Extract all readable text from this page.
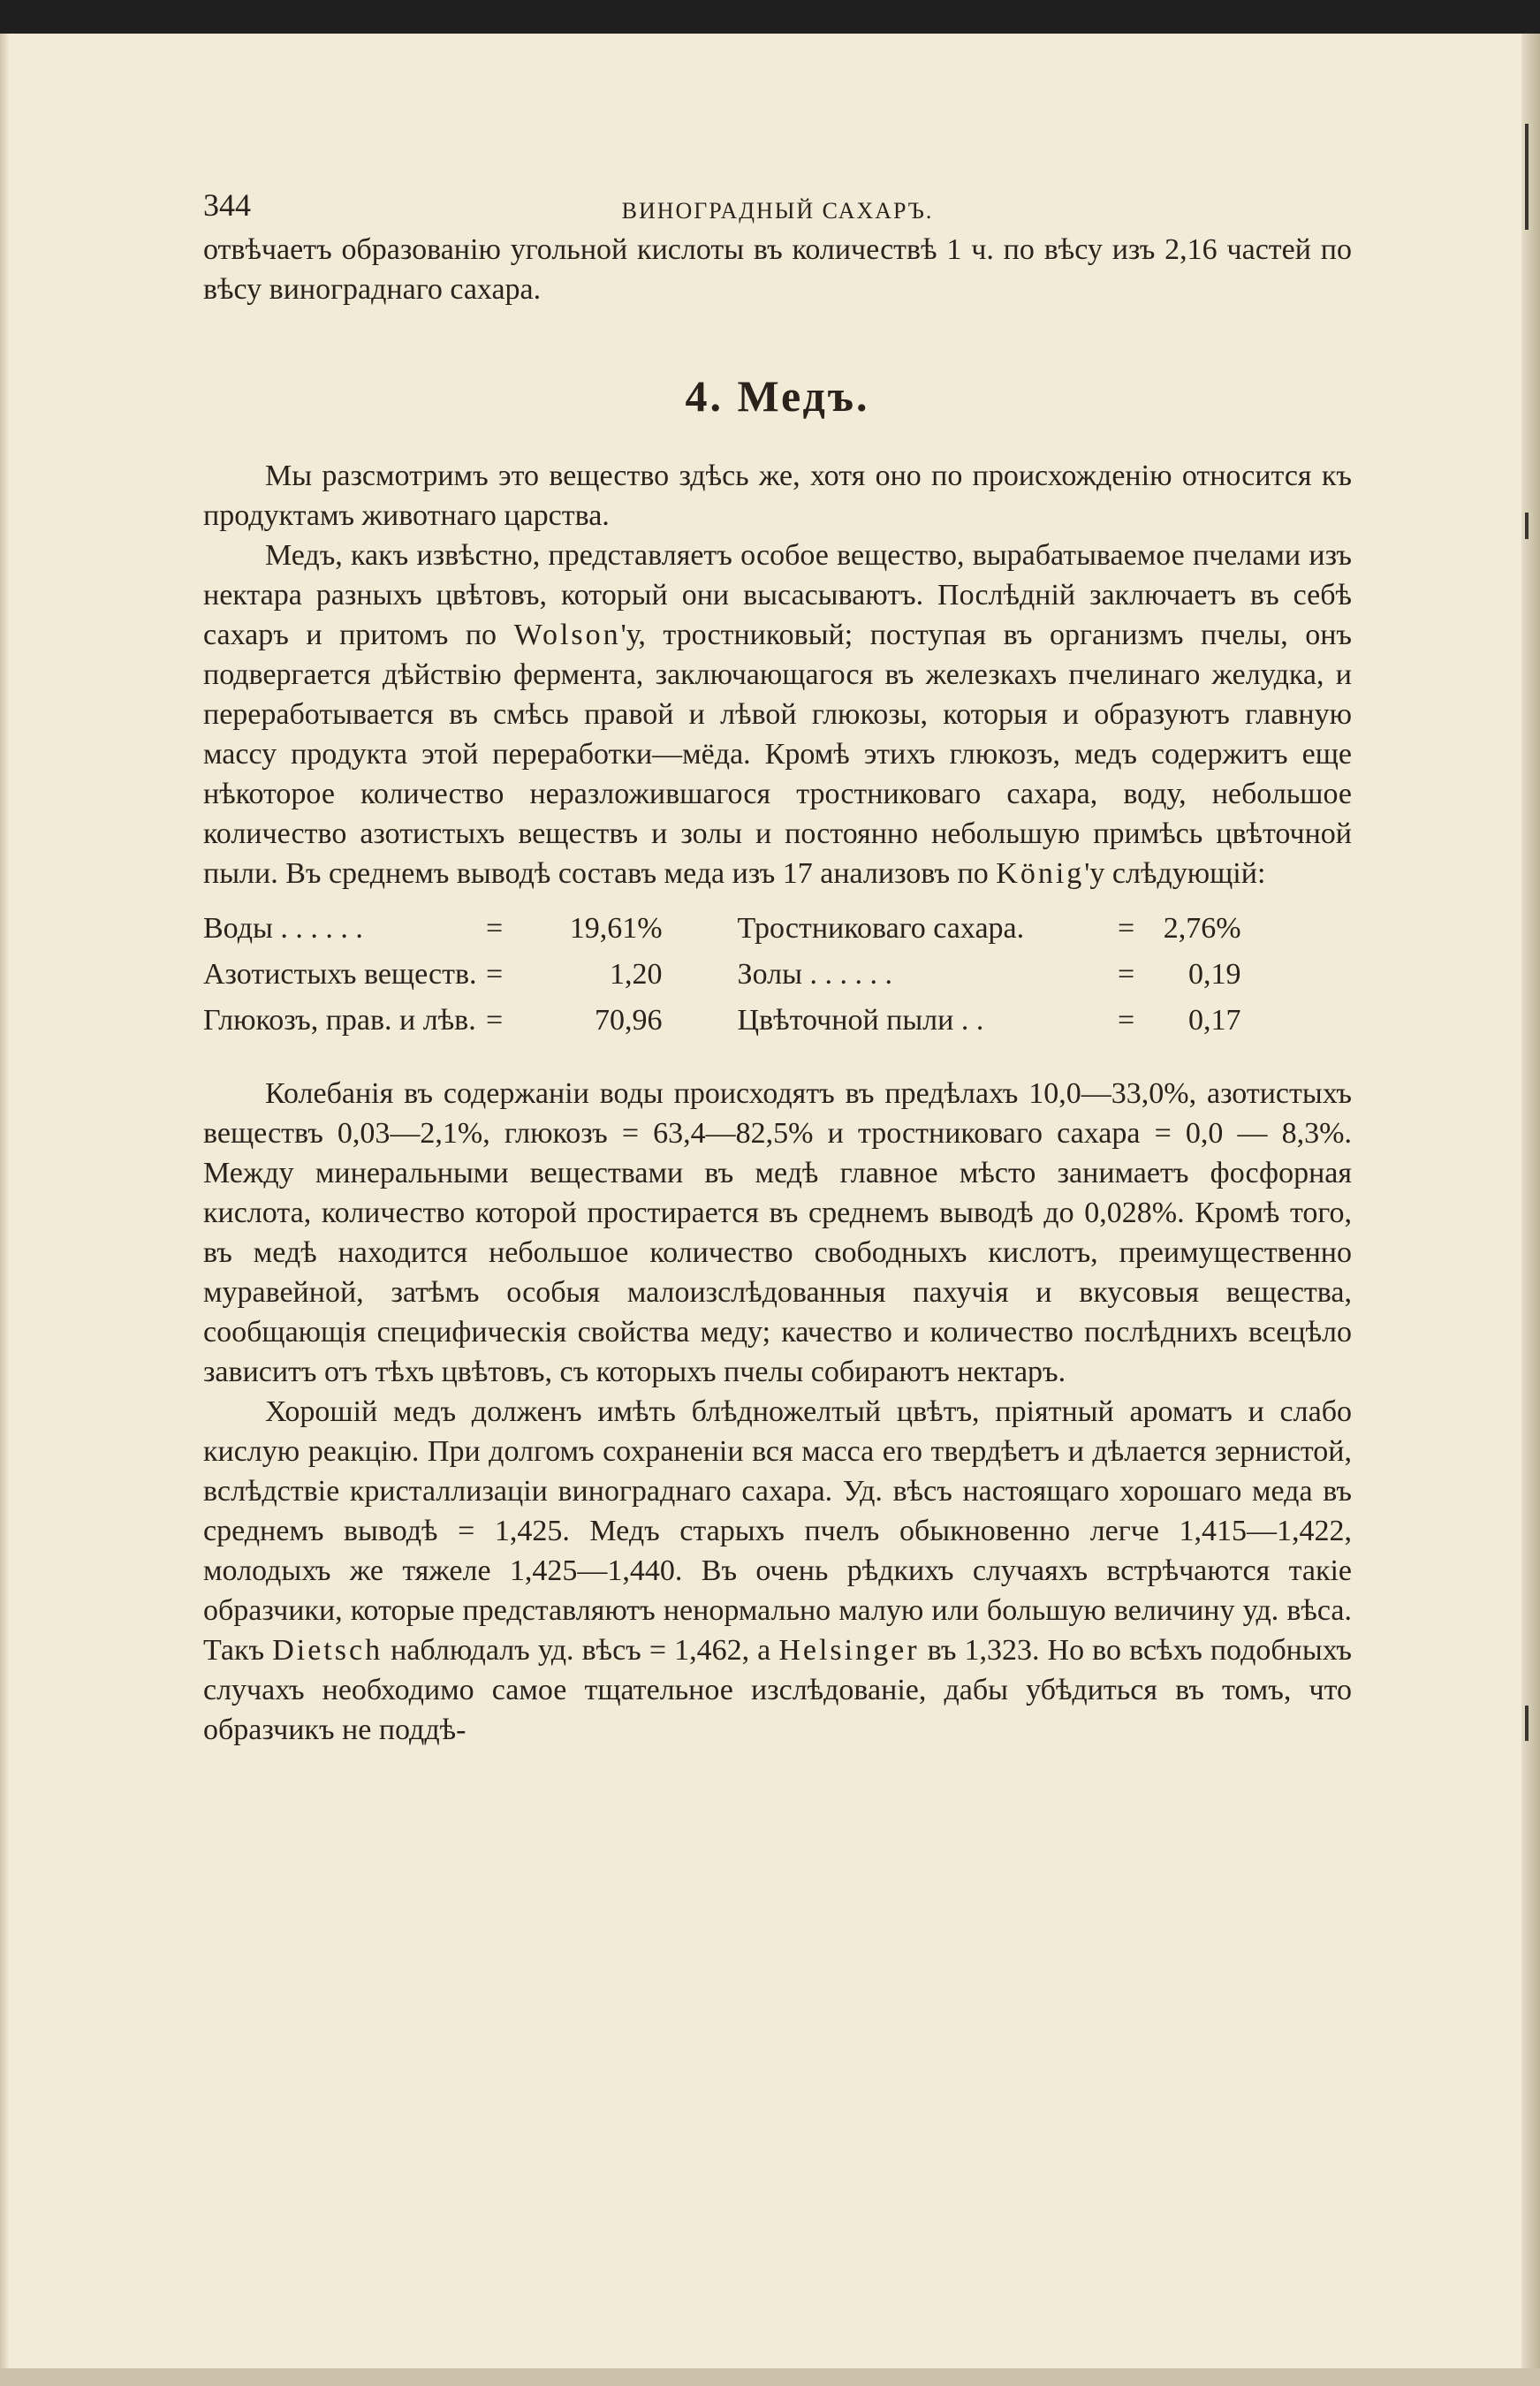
344	ВИНОГРАДНЫЙ САХАРЪ.

отвѣчаетъ образованію угольной кислоты въ количествѣ 1 ч. по вѣсу изъ 2,16 частей по вѣсу винограднаго сахара.

4. Медъ.

Мы разсмотримъ это вещество здѣсь же, хотя оно по происхожденію относится къ продуктамъ животнаго царства.

Медъ, какъ извѣстно, представляетъ особое вещество, вырабатываемое пчелами изъ нектара разныхъ цвѣтовъ, который они высасываютъ. Послѣдній заключаетъ въ себѣ сахаръ и притомъ по Wolson'у, тростниковый; поступая въ организмъ пчелы, онъ подвергается дѣйствію фермента, заключающагося въ железкахъ пчелинаго желудка, и переработывается въ смѣсь правой и лѣвой глюкозы, которыя и образуютъ главную массу продукта этой переработки—мёда. Кромѣ этихъ глюкозъ, медъ содержитъ еще нѣкоторое количество неразложившагося тростниковаго сахара, воду, небольшое количество азотистыхъ веществъ и золы и постоянно небольшую примѣсь цвѣточной пыли. Въ среднемъ выводѣ составъ меда изъ 17 анализовъ по König'у слѣдующій:

Воды . . . . . .	=	19,61%	Тростниковаго сахара.	=	2,76%
Азотистыхъ веществ.	=	1,20	Золы . . . . . .	=	0,19
Глюкозъ, прав. и лѣв.	=	70,96	Цвѣточной пыли . .	=	0,17

Колебанія въ содержаніи воды происходятъ въ предѣлахъ 10,0—33,0%, азотистыхъ веществъ 0,03—2,1%, глюкозъ = 63,4—82,5% и тростниковаго сахара = 0,0 — 8,3%. Между минеральными веществами въ медѣ главное мѣсто занимаетъ фосфорная кислота, количество которой простирается въ среднемъ выводѣ до 0,028%. Кромѣ того, въ медѣ находится небольшое количество свободныхъ кислотъ, преимущественно муравейной, затѣмъ особыя малоизслѣдованныя пахучія и вкусовыя вещества, сообщающія специфическія свойства меду; качество и количество послѣднихъ всецѣло зависитъ отъ тѣхъ цвѣтовъ, съ которыхъ пчелы собираютъ нектаръ.

Хорошій медъ долженъ имѣть блѣдножелтый цвѣтъ, пріятный ароматъ и слабо кислую реакцію. При долгомъ сохраненіи вся масса его твердѣетъ и дѣлается зернистой, вслѣдствіе кристаллизаціи винограднаго сахара. Уд. вѣсъ настоящаго хорошаго меда въ среднемъ выводѣ = 1,425. Медъ старыхъ пчелъ обыкновенно легче 1,415—1,422, молодыхъ же тяжеле 1,425—1,440. Въ очень рѣдкихъ случаяхъ встрѣчаются такіе образчики, которые представляютъ ненормально малую или большую величину уд. вѣса. Такъ Dietsch наблюдалъ уд. вѣсъ = 1,462, а Helsinger въ 1,323. Но во всѣхъ подобныхъ случахъ необходимо самое тщательное изслѣдованіе, дабы убѣдиться въ томъ, что образчикъ не поддѣ-
